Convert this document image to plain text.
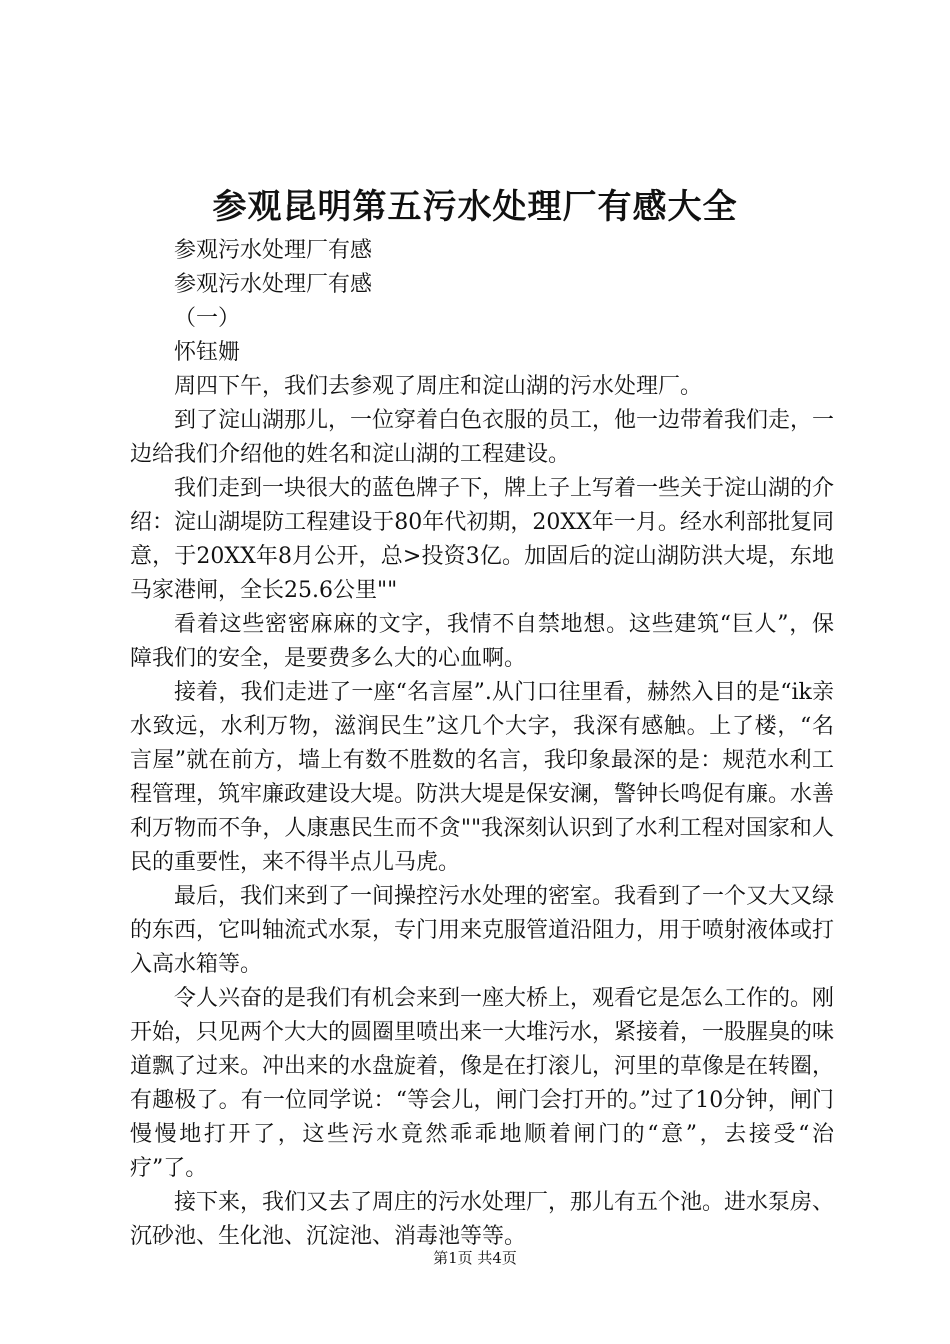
参观昆明第五污水处理厂有感大全

参观污水处理厂有感

参观污水处理厂有感

（一）

怀钰姗

周四下午，我们去参观了周庄和淀山湖的污水处理厂。

到了淀山湖那儿，一位穿着白色衣服的员工，他一边带着我们走，一边给我们介绍他的姓名和淀山湖的工程建设。

我们走到一块很大的蓝色牌子下，牌上子上写着一些关于淀山湖的介绍：淀山湖堤防工程建设于80年代初期，20XX年一月。经水利部批复同意，于20XX年8月公开，总>投资3亿。加固后的淀山湖防洪大堤，东地马家港闸，全长25.6公里""

看着这些密密麻麻的文字，我情不自禁地想。这些建筑“巨人”，保障我们的安全，是要费多么大的心血啊。

接着，我们走进了一座“名言屋”.从门口往里看，赫然入目的是“ik亲水致远，水利万物，滋润民生”这几个大字，我深有感触。上了楼，“名言屋”就在前方，墙上有数不胜数的名言，我印象最深的是：规范水利工程管理，筑牢廉政建设大堤。防洪大堤是保安澜，警钟长鸣促有廉。水善利万物而不争，人康惠民生而不贪""我深刻认识到了水利工程对国家和人民的重要性，来不得半点儿马虎。

最后，我们来到了一间操控污水处理的密室。我看到了一个又大又绿的东西，它叫轴流式水泵，专门用来克服管道沿阻力，用于喷射液体或打入高水箱等。

令人兴奋的是我们有机会来到一座大桥上，观看它是怎么工作的。刚开始，只见两个大大的圆圈里喷出来一大堆污水，紧接着，一股腥臭的味道飘了过来。冲出来的水盘旋着，像是在打滚儿，河里的草像是在转圈，有趣极了。有一位同学说：“等会儿，闸门会打开的。”过了10分钟，闸门慢慢地打开了，这些污水竟然乖乖地顺着闸门的“意”，去接受“治疗”了。

接下来，我们又去了周庄的污水处理厂，那儿有五个池。进水泵房、沉砂池、生化池、沉淀池、消毒池等等。

第1页 共4页
